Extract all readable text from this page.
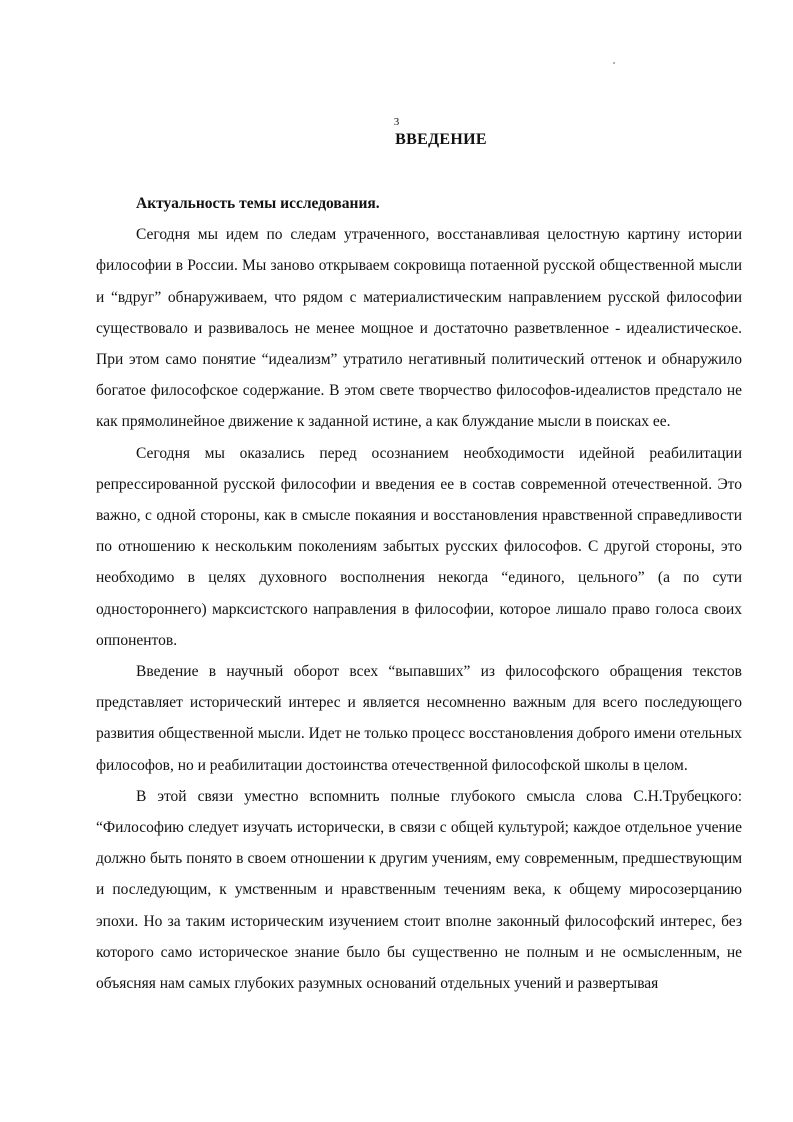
3
ВВЕДЕНИЕ

Актуальность темы исследования.

Сегодня мы идем по следам утраченного, восстанавливая целостную картину истории философии в России. Мы заново открываем сокровища потаенной русской общественной мысли и “вдруг” обнаруживаем, что рядом с материалистическим направлением русской философии существовало и развивалось не менее мощное и достаточно разветвленное - идеалистическое. При этом само понятие “идеализм” утратило негативный политический оттенок и обнаружило богатое философское содержание. В этом свете творчество философов-идеалистов предстало не как прямолинейное движение к заданной истине, а как блуждание мысли в поисках ее.

Сегодня мы оказались перед осознанием необходимости идейной реабилитации репрессированной русской философии и введения ее в состав современной отечественной. Это важно, с одной стороны, как в смысле покаяния и восстановления нравственной справедливости по отношению к нескольким поколениям забытых русских философов. С другой стороны, это необходимо в целях духовного восполнения некогда “единого, цельного” (а по сути одностороннего) марксистского направления в философии, которое лишало право голоса своих оппонентов.

Введение в научный оборот всех “выпавших” из философского обращения текстов представляет исторический интерес и является несомненно важным для всего последующего развития общественной мысли. Идет не только процесс восстановления доброго имени отельных философов, но и реабилитации достоинства отечественной философской школы в целом.

В этой связи уместно вспомнить полные глубокого смысла слова С.Н.Трубецкого: “Философию следует изучать исторически, в связи с общей культурой; каждое отдельное учение должно быть понято в своем отношении к другим учениям, ему современным, предшествующим и последующим, к умственным и нравственным течениям века, к общему миросозерцанию эпохи. Но за таким историческим изучением стоит вполне законный философский интерес, без которого само историческое знание было бы существенно не полным и не осмысленным, не объясняя нам самых глубоких разумных оснований отдельных учений и развертывая
